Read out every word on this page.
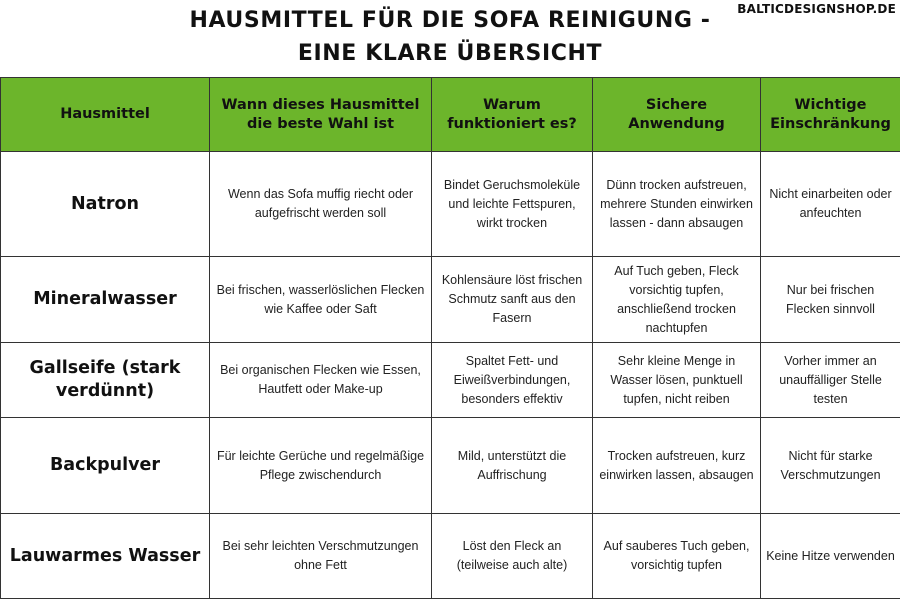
BALTICDESIGNSHOP.DE
HAUSMITTEL FÜR DIE SOFA REINIGUNG -
EINE KLARE ÜBERSICHT
Hausmittel	Wann dieses Hausmittel die beste Wahl ist	Warum funktioniert es?	Sichere Anwendung	Wichtige Einschränkung
Natron	Wenn das Sofa muffig riecht oder aufgefrischt werden soll	Bindet Geruchsmoleküle und leichte Fettspuren, wirkt trocken	Dünn trocken aufstreuen, mehrere Stunden einwirken lassen - dann absaugen	Nicht einarbeiten oder anfeuchten
Mineralwasser	Bei frischen, wasserlöslichen Flecken wie Kaffee oder Saft	Kohlensäure löst frischen Schmutz sanft aus den Fasern	Auf Tuch geben, Fleck vorsichtig tupfen, anschließend trocken nachtupfen	Nur bei frischen Flecken sinnvoll
Gallseife (stark verdünnt)	Bei organischen Flecken wie Essen, Hautfett oder Make-up	Spaltet Fett- und Eiweißverbindungen, besonders effektiv	Sehr kleine Menge in Wasser lösen, punktuell tupfen, nicht reiben	Vorher immer an unauffälliger Stelle testen
Backpulver	Für leichte Gerüche und regelmäßige Pflege zwischendurch	Mild, unterstützt die Auffrischung	Trocken aufstreuen, kurz einwirken lassen, absaugen	Nicht für starke Verschmutzungen
Lauwarmes Wasser	Bei sehr leichten Verschmutzungen ohne Fett	Löst den Fleck an (teilweise auch alte)	Auf sauberes Tuch geben, vorsichtig tupfen	Keine Hitze verwenden
